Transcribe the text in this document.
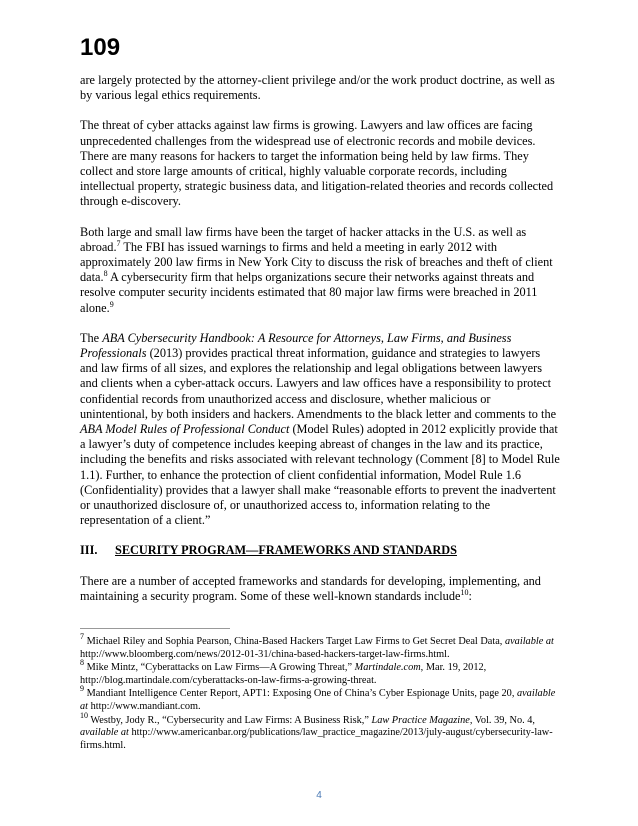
109

are largely protected by the attorney-client privilege and/or the work product doctrine, as well as by various legal ethics requirements.

The threat of cyber attacks against law firms is growing. Lawyers and law offices are facing unprecedented challenges from the widespread use of electronic records and mobile devices. There are many reasons for hackers to target the information being held by law firms. They collect and store large amounts of critical, highly valuable corporate records, including intellectual property, strategic business data, and litigation-related theories and records collected through e-discovery.

Both large and small law firms have been the target of hacker attacks in the U.S. as well as abroad.$^7$ The FBI has issued warnings to firms and held a meeting in early 2012 with approximately 200 law firms in New York City to discuss the risk of breaches and theft of client data.$^8$ A cybersecurity firm that helps organizations secure their networks against threats and resolve computer security incidents estimated that 80 major law firms were breached in 2011 alone.$^9$

The ABA Cybersecurity Handbook: A Resource for Attorneys, Law Firms, and Business Professionals (2013) provides practical threat information, guidance and strategies to lawyers and law firms of all sizes, and explores the relationship and legal obligations between lawyers and clients when a cyber-attack occurs. Lawyers and law offices have a responsibility to protect confidential records from unauthorized access and disclosure, whether malicious or unintentional, by both insiders and hackers. Amendments to the black letter and comments to the ABA Model Rules of Professional Conduct (Model Rules) adopted in 2012 explicitly provide that a lawyer’s duty of competence includes keeping abreast of changes in the law and its practice, including the benefits and risks associated with relevant technology (Comment [8] to Model Rule 1.1). Further, to enhance the protection of client confidential information, Model Rule 1.6 (Confidentiality) provides that a lawyer shall make “reasonable efforts to prevent the inadvertent or unauthorized disclosure of, or unauthorized access to, information relating to the representation of a client.”

III. SECURITY PROGRAM—FRAMEWORKS AND STANDARDS

There are a number of accepted frameworks and standards for developing, implementing, and maintaining a security program. Some of these well-known standards include$^{10}$:

$^7$ Michael Riley and Sophia Pearson, China-Based Hackers Target Law Firms to Get Secret Deal Data, available at http://www.bloomberg.com/news/2012-01-31/china-based-hackers-target-law-firms.html.
$^8$ Mike Mintz, “Cyberattacks on Law Firms—A Growing Threat,” Martindale.com, Mar. 19, 2012, http://blog.martindale.com/cyberattacks-on-law-firms-a-growing-threat.
$^9$ Mandiant Intelligence Center Report, APT1: Exposing One of China’s Cyber Espionage Units, page 20, available at http://www.mandiant.com.
$^{10}$ Westby, Jody R., “Cybersecurity and Law Firms: A Business Risk,” Law Practice Magazine, Vol. 39, No. 4, available at http://www.americanbar.org/publications/law_practice_magazine/2013/july-august/cybersecurity-law-firms.html.
4
